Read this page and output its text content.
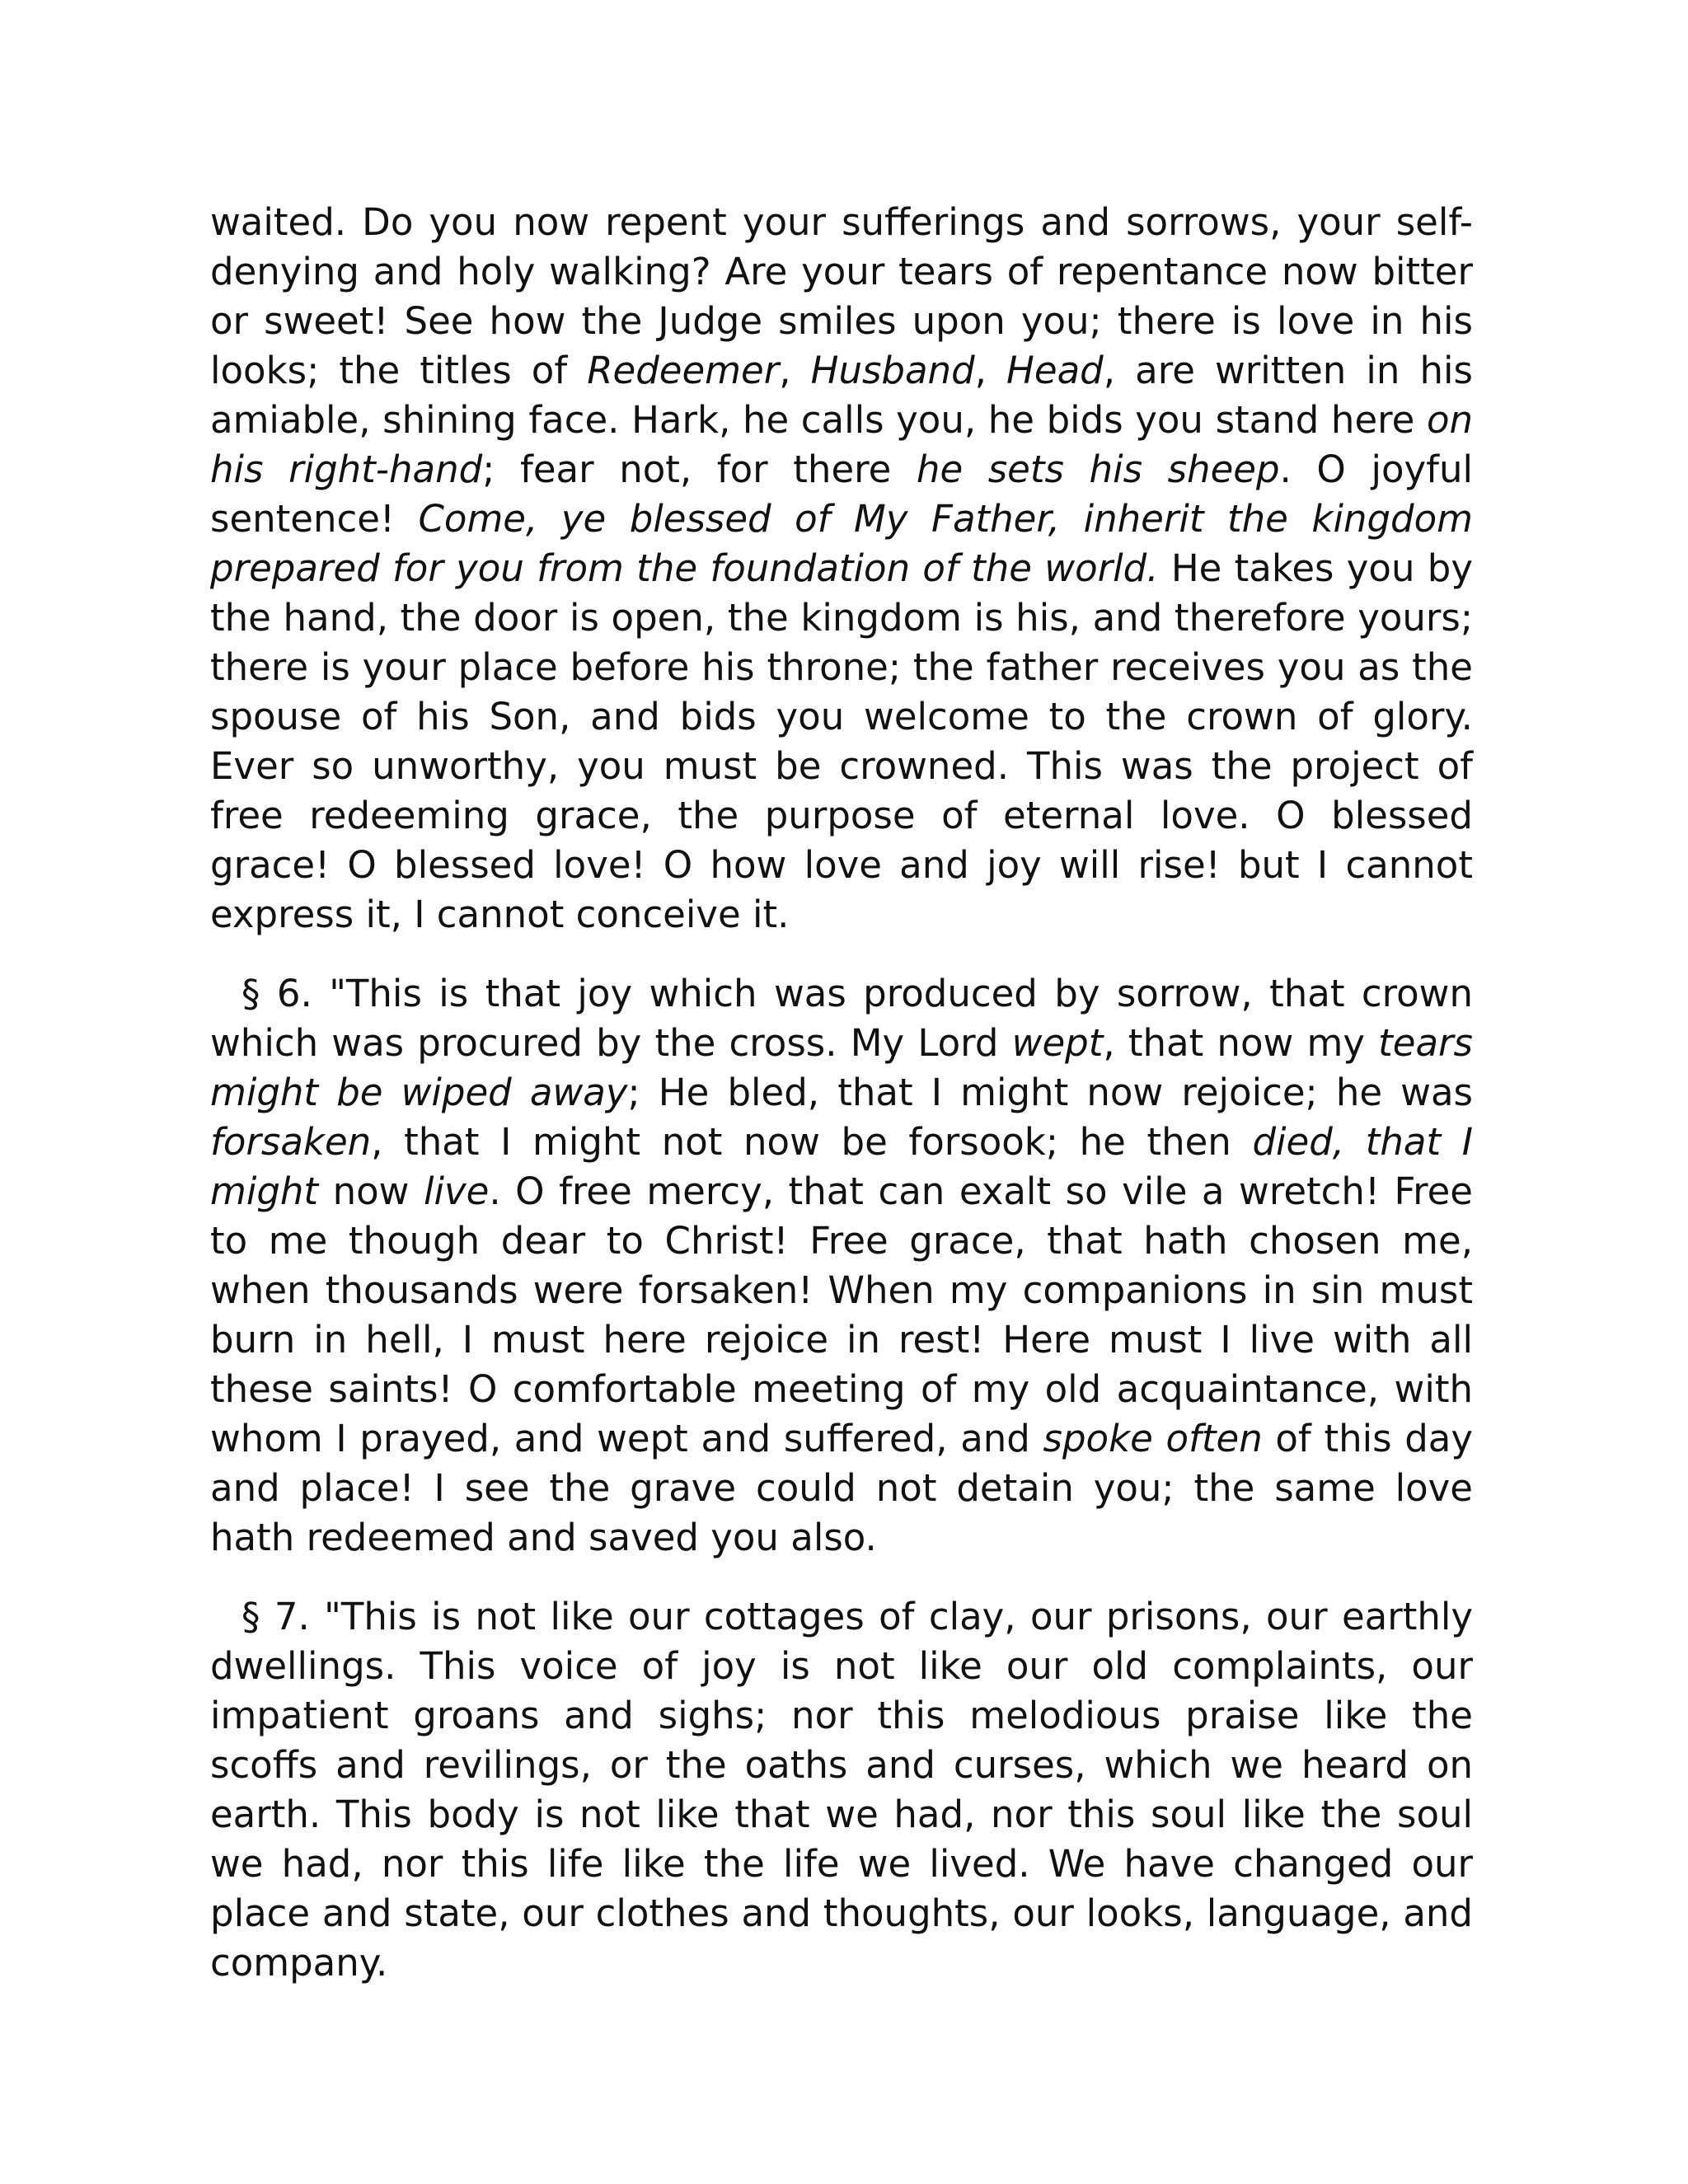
waited. Do you now repent your sufferings and sorrows, your self-denying and holy walking? Are your tears of repentance now bitter or sweet! See how the Judge smiles upon you; there is love in his looks; the titles of Redeemer, Husband, Head, are written in his amiable, shining face. Hark, he calls you, he bids you stand here on his right-hand; fear not, for there he sets his sheep. O joyful sentence! Come, ye blessed of My Father, inherit the kingdom prepared for you from the foundation of the world. He takes you by the hand, the door is open, the kingdom is his, and therefore yours; there is your place before his throne; the father receives you as the spouse of his Son, and bids you welcome to the crown of glory. Ever so unworthy, you must be crowned. This was the project of free redeeming grace, the purpose of eternal love. O blessed grace! O blessed love! O how love and joy will rise! but I cannot express it, I cannot conceive it.

§ 6. "This is that joy which was produced by sorrow, that crown which was procured by the cross. My Lord wept, that now my tears might be wiped away; He bled, that I might now rejoice; he was forsaken, that I might not now be forsook; he then died, that I might now live. O free mercy, that can exalt so vile a wretch! Free to me though dear to Christ! Free grace, that hath chosen me, when thousands were forsaken! When my companions in sin must burn in hell, I must here rejoice in rest! Here must I live with all these saints! O comfortable meeting of my old acquaintance, with whom I prayed, and wept and suffered, and spoke often of this day and place! I see the grave could not detain you; the same love hath redeemed and saved you also.

§ 7. "This is not like our cottages of clay, our prisons, our earthly dwellings. This voice of joy is not like our old complaints, our impatient groans and sighs; nor this melodious praise like the scoffs and revilings, or the oaths and curses, which we heard on earth. This body is not like that we had, nor this soul like the soul we had, nor this life like the life we lived. We have changed our place and state, our clothes and thoughts, our looks, language, and company.
